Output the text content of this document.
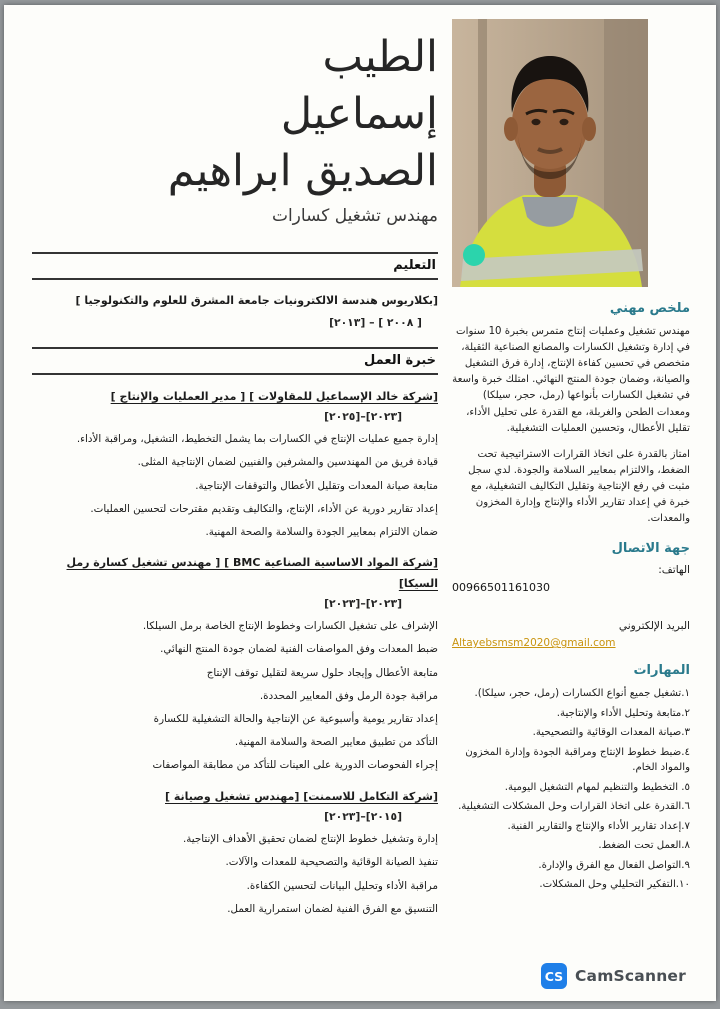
ملخص مهني

مهندس تشغيل وعمليات إنتاج متمرس بخبرة 10 سنوات في إدارة وتشغيل الكسارات والمصانع الصناعية الثقيلة، متخصص في تحسين كفاءة الإنتاج، إدارة فرق التشغيل والصيانة، وضمان جودة المنتج النهائي. امتلك خبرة واسعة في تشغيل الكسارات بأنواعها (رمل، حجر، سيلكا) ومعدات الطحن والغربلة، مع القدرة على تحليل الأداء، تقليل الأعطال، وتحسين العمليات التشغيلية.

امتاز بالقدرة على اتخاذ القرارات الاستراتيجية تحت الضغط، والالتزام بمعايير السلامة والجودة. لدي سجل مثبت في رفع الإنتاجية وتقليل التكاليف التشغيلية، مع خبرة في إعداد تقارير الأداء والإنتاج وإدارة المخزون والمعدات.

جهة الاتصال
الهاتف:
00966501161030
البريد الإلكتروني
Altayebsmsm2020@gmail.com
المهارات
١.تشغيل جميع أنواع الكسارات (رمل، حجر، سيلكا).
٢.متابعة وتحليل الأداء والإنتاجية.
٣.صيانة المعدات الوقائية والتصحيحية.
٤.ضبط خطوط الإنتاج ومراقبة الجودة وإدارة المخزون والمواد الخام.
٥. التخطيط والتنظيم لمهام التشغيل اليومية.
٦.القدرة على اتخاذ القرارات وحل المشكلات التشغيلية.
٧.إعداد تقارير الأداء والإنتاج والتقارير الفنية.
٨.العمل تحت الضغط.
٩.التواصل الفعال مع الفرق والإدارة.
١٠.التفكير التحليلي وحل المشكلات.
الطيب
إسماعيل
الصديق ابراهيم
مهندس تشغيل كسارات
التعليم
[بكلاريوس هندسة الالكترونيات جامعة المشرق للعلوم والتكنولوجيا ]
[ ٢٠٠٨ ] – [٢٠١٣]
خبرة العمل
[شركة خالد الإسماعيل للمقاولات ] [ مدير العمليات والإنتاج ]
[٢٠٢٣]–[٢٠٢٥]

إدارة جميع عمليات الإنتاج في الكسارات بما يشمل التخطيط، التشغيل، ومراقبة الأداء.

قيادة فريق من المهندسين والمشرفين والفنيين لضمان الإنتاجية المثلى.

متابعة صيانة المعدات وتقليل الأعطال والتوقفات الإنتاجية.

إعداد تقارير دورية عن الأداء، الإنتاج، والتكاليف وتقديم مقترحات لتحسين العمليات.

ضمان الالتزام بمعايير الجودة والسلامة والصحة المهنية.

[شركة المواد الاساسية الصناعية BMC ] [ مهندس تشغيل كسارة رمل السيكا]
[٢٠٢٣]–[٢٠٢٣]

الإشراف على تشغيل الكسارات وخطوط الإنتاج الخاصة برمل السيلكا.

ضبط المعدات وفق المواصفات الفنية لضمان جودة المنتج النهائي.

متابعة الأعطال وإيجاد حلول سريعة لتقليل توقف الإنتاج

مراقبة جودة الرمل وفق المعايير المحددة.

إعداد تقارير يومية وأسبوعية عن الإنتاجية والحالة التشغيلية للكسارة

التأكد من تطبيق معايير الصحة والسلامة المهنية.

إجراء الفحوصات الدورية على العينات للتأكد من مطابقة المواصفات

[شركة التكامل للاسمنت] [مهندس تشغيل وصيانة ]
[٢٠١٥]–[٢٠٢٣]

إدارة وتشغيل خطوط الإنتاج لضمان تحقيق الأهداف الإنتاجية.

تنفيذ الصيانة الوقائية والتصحيحية للمعدات والآلات.

مراقبة الأداء وتحليل البيانات لتحسين الكفاءة.

التنسيق مع الفرق الفنية لضمان استمرارية العمل.

CS CamScanner
